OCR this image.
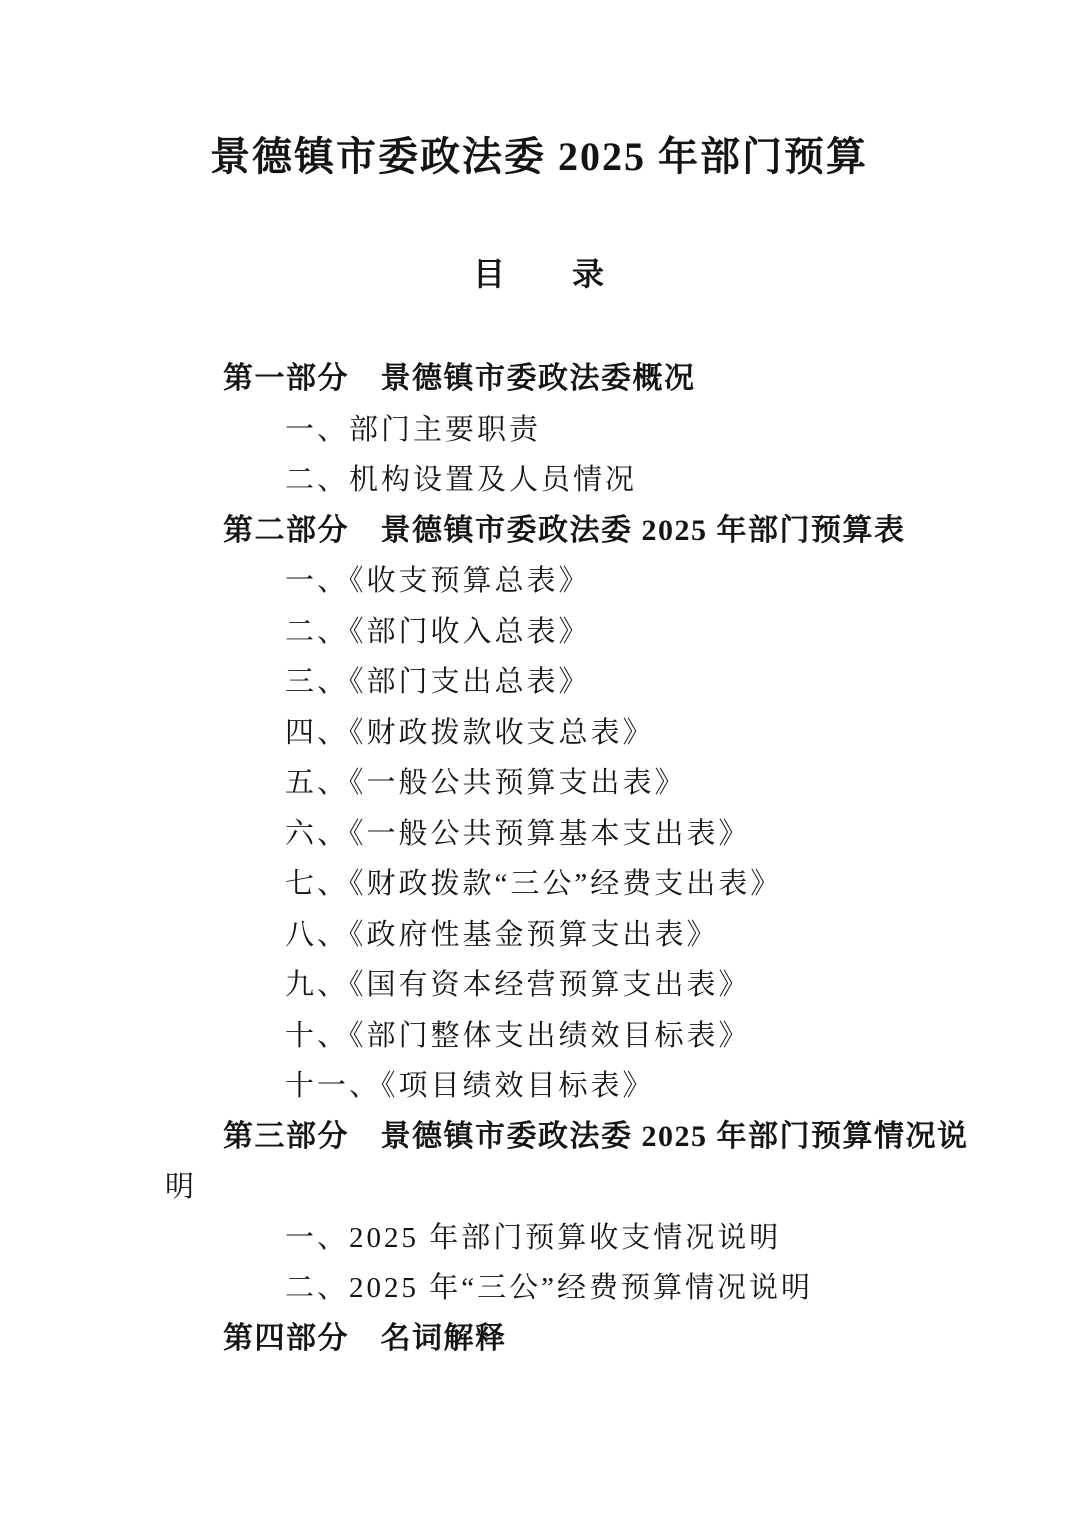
景德镇市委政法委 2025 年部门预算
目　　录
第一部分　景德镇市委政法委概况
一、部门主要职责
二、机构设置及人员情况
第二部分　景德镇市委政法委 2025 年部门预算表
一、《收支预算总表》
二、《部门收入总表》
三、《部门支出总表》
四、《财政拨款收支总表》
五、《一般公共预算支出表》
六、《一般公共预算基本支出表》
七、《财政拨款“三公”经费支出表》
八、《政府性基金预算支出表》
九、《国有资本经营预算支出表》
十、《部门整体支出绩效目标表》
十一、《项目绩效目标表》
第三部分　景德镇市委政法委 2025 年部门预算情况说
明
一、2025 年部门预算收支情况说明
二、2025 年“三公”经费预算情况说明
第四部分　名词解释
